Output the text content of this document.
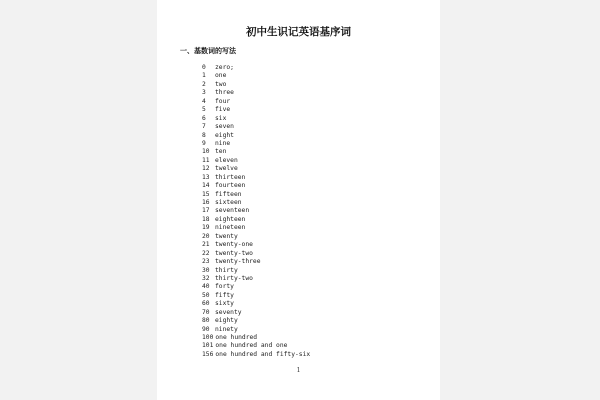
初中生识记英语基序词
一、基数词的写法
0 zero;
1 one
2 two
3 three
4 four
5 five
6 six
7 seven
8 eight
9 nine
10 ten
11 eleven
12 twelve
13 thirteen
14 fourteen
15 fifteen
16 sixteen
17 seventeen
18 eighteen
19 nineteen
20 twenty
21 twenty-one
22 twenty-two
23 twenty-three
30 thirty
32 thirty-two
40 forty
50 fifty
60 sixty
70 seventy
80 eighty
90 ninety
100 one hundred
101 one hundred and one
156 one hundred and fifty-six
1
